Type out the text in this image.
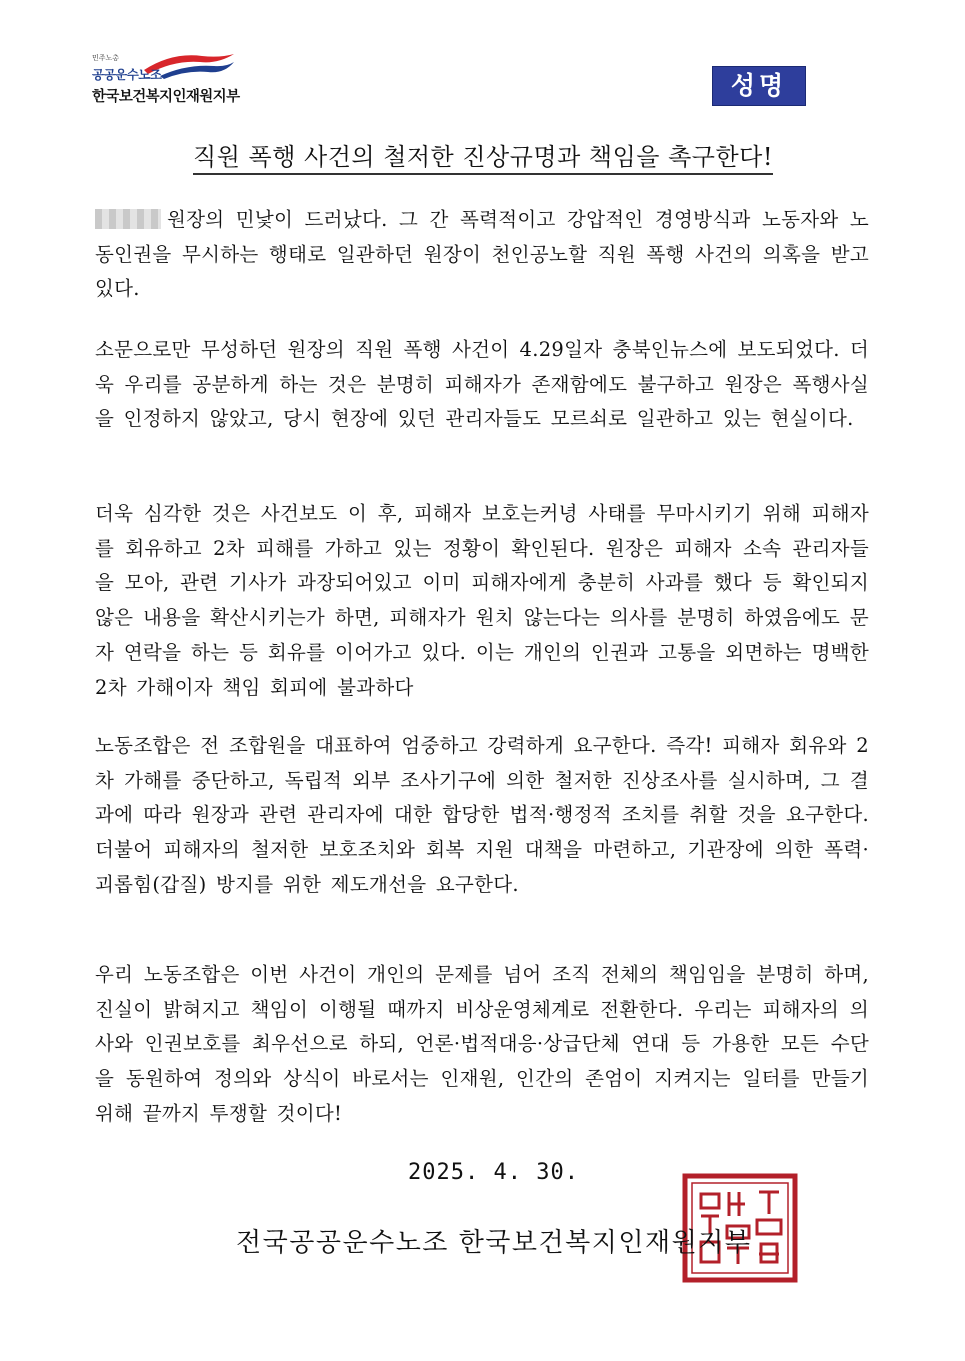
민주노총
공공운수노조
한국보건복지인재원지부	성명
직원 폭행 사건의 철저한 진상규명과 책임을 촉구한다!
원장의 민낯이 드러났다. 그 간 폭력적이고 강압적인 경영방식과 노동자와 노동인권을 무시하는 행태로 일관하던 원장이 천인공노할 직원 폭행 사건의 의혹을 받고 있다.
소문으로만 무성하던 원장의 직원 폭행 사건이 4.29일자 충북인뉴스에 보도되었다. 더욱 우리를 공분하게 하는 것은 분명히 피해자가 존재함에도 불구하고 원장은 폭행사실을 인정하지 않았고, 당시 현장에 있던 관리자들도 모르쇠로 일관하고 있는 현실이다.
더욱 심각한 것은 사건보도 이 후, 피해자 보호는커녕 사태를 무마시키기 위해 피해자를 회유하고 2차 피해를 가하고 있는 정황이 확인된다. 원장은 피해자 소속 관리자들을 모아, 관련 기사가 과장되어있고 이미 피해자에게 충분히 사과를 했다 등 확인되지 않은 내용을 확산시키는가 하면, 피해자가 원치 않는다는 의사를 분명히 하였음에도 문자 연락을 하는 등 회유를 이어가고 있다. 이는 개인의 인권과 고통을 외면하는 명백한 2차 가해이자 책임 회피에 불과하다
노동조합은 전 조합원을 대표하여 엄중하고 강력하게 요구한다. 즉각! 피해자 회유와 2차 가해를 중단하고, 독립적 외부 조사기구에 의한 철저한 진상조사를 실시하며, 그 결과에 따라 원장과 관련 관리자에 대한 합당한 법적·행정적 조치를 취할 것을 요구한다. 더불어 피해자의 철저한 보호조치와 회복 지원 대책을 마련하고, 기관장에 의한 폭력·괴롭힘(갑질) 방지를 위한 제도개선을 요구한다.
우리 노동조합은 이번 사건이 개인의 문제를 넘어 조직 전체의 책임임을 분명히 하며, 진실이 밝혀지고 책임이 이행될 때까지 비상운영체계로 전환한다. 우리는 피해자의 의사와 인권보호를 최우선으로 하되, 언론·법적대응·상급단체 연대 등 가용한 모든 수단을 동원하여 정의와 상식이 바로서는 인재원, 인간의 존엄이 지켜지는 일터를 만들기 위해 끝까지 투쟁할 것이다!
2025. 4. 30.
전국공공운수노조 한국보건복지인재원지부
